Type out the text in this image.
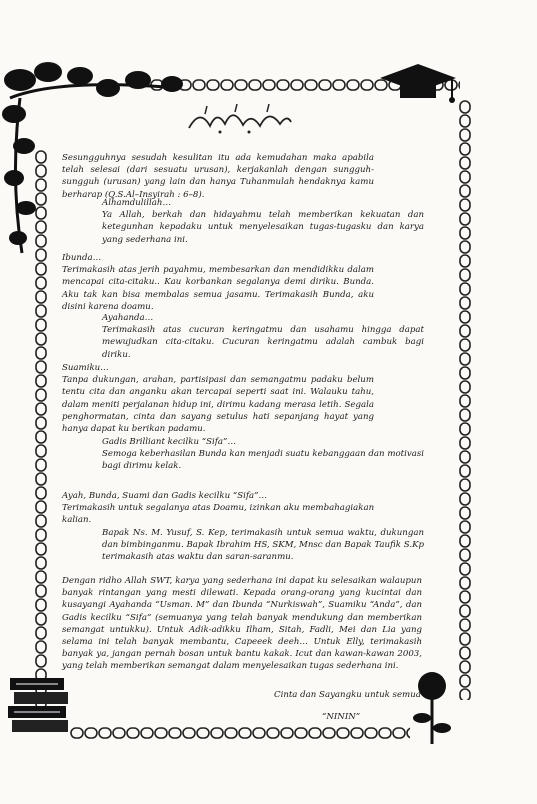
Sesungguhnya sesudah kesulitan itu ada kemudahan maka apabila telah selesai (dari sesuatu urusan), kerjakanlah dengan sungguh-sungguh (urusan) yang lain dan hanya Tuhanmulah hendaknya kamu berharap (Q.S.Al–Insyirah : 6–8).
Alhamdulillah…
Ya Allah, berkah dan hidayahmu telah memberikan kekuatan dan ketegunhan kepadaku untuk menyelesaikan tugas-tugasku dan karya yang sederhana ini.
Ibunda…
Terimakasih atas jerih payahmu, membesarkan dan mendidikku dalam mencapai cita-citaku.. Kau korbankan segalanya demi diriku. Bunda. Aku tak kan bisa membalas semua jasamu. Terimakasih Bunda, aku disini karena doamu.
Ayahanda…
Terimakasih atas cucuran keringatmu dan usahamu hingga dapat mewujudkan cita-citaku. Cucuran keringatmu adalah cambuk bagi diriku.
Suamiku…
Tanpa dukungan, arahan, partisipasi dan semangatmu padaku belum tentu cita dan anganku akan tercapai seperti saat ini. Walauku tahu, dalam meniti perjalanan hidup ini, dirimu kadang merasa letih. Segala penghormatan, cinta dan sayang setulus hati sepanjang hayat yang hanya dapat ku berikan padamu.
Gadis Brilliant kecilku “Sifa”…
Semoga keberhasilan Bunda kan menjadi suatu kebanggaan dan motivasi bagi dirimu kelak.
Ayah, Bunda, Suami dan Gadis kecilku “Sifa”…
Terimakasih untuk segalanya atas Doamu, izinkan aku membahagiakan kalian.
Bapak Ns. M. Yusuf, S. Kep, terimakasih untuk semua waktu, dukungan dan bimbinganmu. Bapak Ibrahim HS, SKM, Mnsc dan Bapak Taufik S.Kp terimakasih atas waktu dan saran-saranmu.
Dengan ridho Allah SWT, karya yang sederhana ini dapat ku selesaikan walaupun banyak rintangan yang mesti dilewati. Kepada orang-orang yang kucintai dan kusayangi Ayahanda “Usman. M” dan Ibunda “Nurkiswah”, Suamiku “Anda”, dan Gadis kecilku “Sifa” (semuanya yang telah banyak mendukung dan memberikan semangat untukku). Untuk Adik-adikku Ilham, Sitah, Fadli, Mei dan Lia yang selama ini telah banyak membantu, Capeeek deeh… Untuk Elly, terimakasih banyak ya, jangan pernah bosan untuk bantu kakak. Icut dan kawan-kawan 2003, yang telah memberikan semangat dalam menyelesaikan tugas sederhana ini.
Cinta dan Sayangku untuk semua
“NININ”
